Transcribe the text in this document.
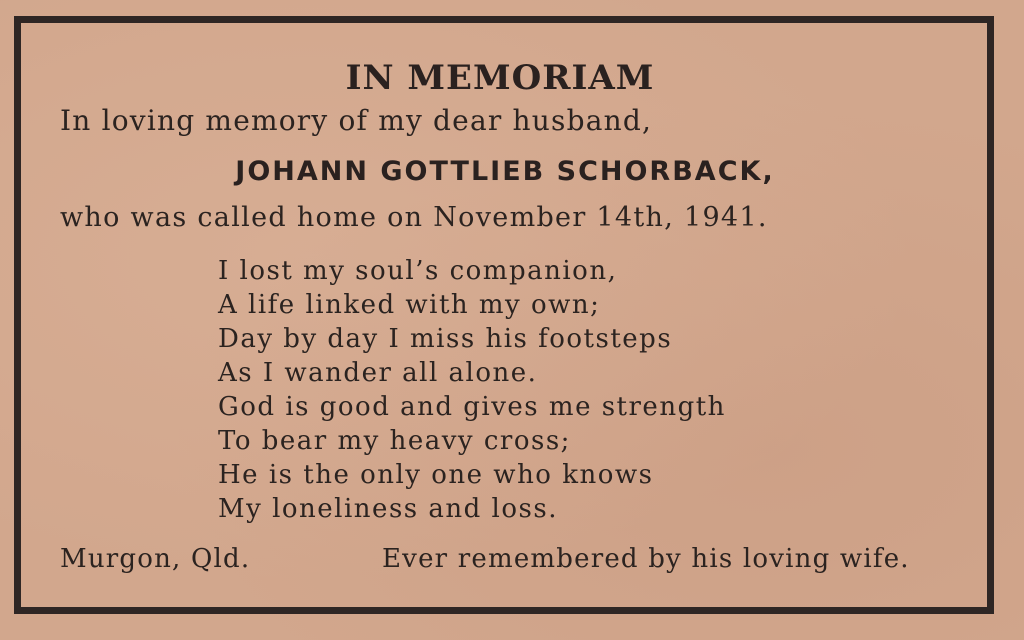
IN MEMORIAM
In loving memory of my dear husband,
JOHANN GOTTLIEB SCHORBACK,
who was called home on November 14th, 1941.
I lost my soul’s companion,
A life linked with my own;
Day by day I miss his footsteps
As I wander all alone.
God is good and gives me strength
To bear my heavy cross;
He is the only one who knows
My loneliness and loss.
Murgon, Qld.	Ever remembered by his loving wife.
